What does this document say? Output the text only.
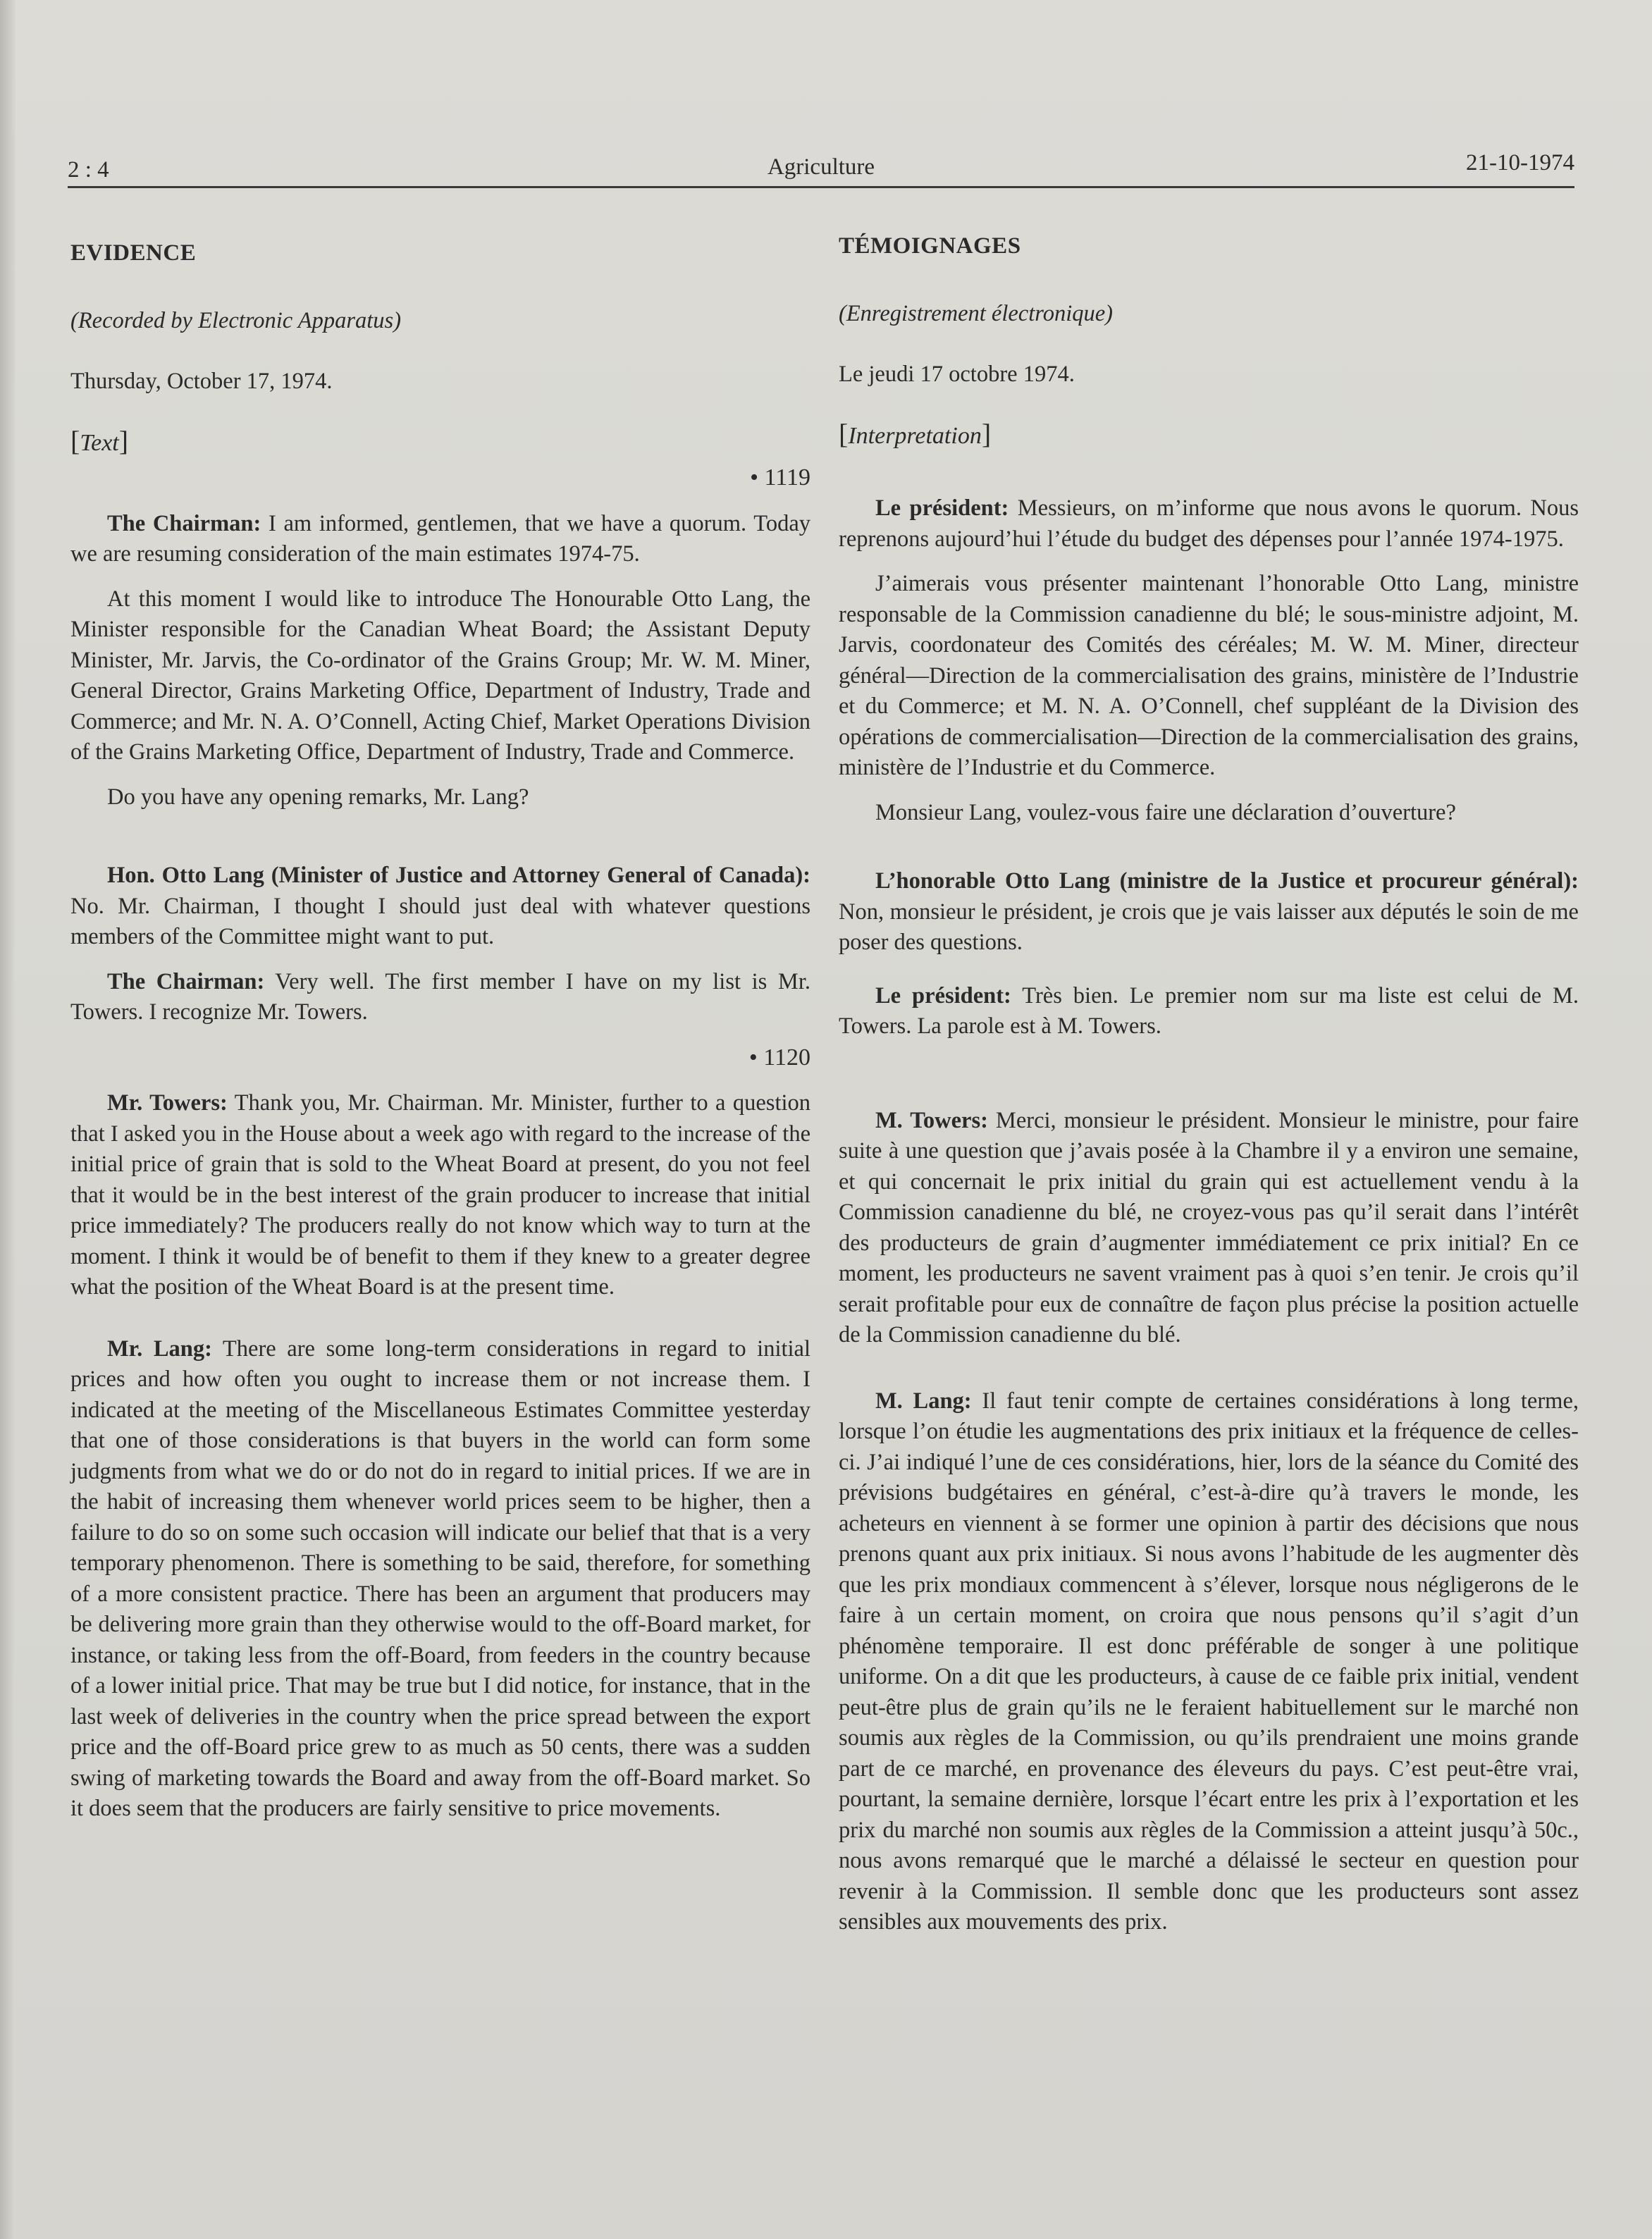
2 : 4	Agriculture	21-10-1974
EVIDENCE
(Recorded by Electronic Apparatus)
Thursday, October 17, 1974.
[Text]
• 1119

The Chairman: I am informed, gentlemen, that we have a quorum. Today we are resuming consideration of the main estimates 1974-75.

At this moment I would like to introduce The Honourable Otto Lang, the Minister responsible for the Canadian Wheat Board; the Assistant Deputy Minister, Mr. Jarvis, the Co-ordinator of the Grains Group; Mr. W. M. Miner, General Director, Grains Marketing Office, Department of Industry, Trade and Commerce; and Mr. N. A. O’Connell, Acting Chief, Market Operations Division of the Grains Marketing Office, Department of Industry, Trade and Commerce.

Do you have any opening remarks, Mr. Lang?

Hon. Otto Lang (Minister of Justice and Attorney General of Canada): No. Mr. Chairman, I thought I should just deal with whatever questions members of the Committee might want to put.

The Chairman: Very well. The first member I have on my list is Mr. Towers. I recognize Mr. Towers.

• 1120

Mr. Towers: Thank you, Mr. Chairman. Mr. Minister, further to a question that I asked you in the House about a week ago with regard to the increase of the initial price of grain that is sold to the Wheat Board at present, do you not feel that it would be in the best interest of the grain producer to increase that initial price immediately? The producers really do not know which way to turn at the moment. I think it would be of benefit to them if they knew to a greater degree what the position of the Wheat Board is at the present time.

Mr. Lang: There are some long-term considerations in regard to initial prices and how often you ought to increase them or not increase them. I indicated at the meeting of the Miscellaneous Estimates Committee yesterday that one of those considerations is that buyers in the world can form some judgments from what we do or do not do in regard to initial prices. If we are in the habit of increasing them whenever world prices seem to be higher, then a failure to do so on some such occasion will indicate our belief that that is a very temporary phenomenon. There is something to be said, therefore, for something of a more consistent practice. There has been an argument that producers may be delivering more grain than they otherwise would to the off-Board market, for instance, or taking less from the off-Board, from feeders in the country because of a lower initial price. That may be true but I did notice, for instance, that in the last week of deliveries in the country when the price spread between the export price and the off-Board price grew to as much as 50 cents, there was a sudden swing of marketing towards the Board and away from the off-Board market. So it does seem that the producers are fairly sensitive to price movements.

TÉMOIGNAGES
(Enregistrement électronique)
Le jeudi 17 octobre 1974.
[Interpretation]

Le président: Messieurs, on m’informe que nous avons le quorum. Nous reprenons aujourd’hui l’étude du budget des dépenses pour l’année 1974-1975.

J’aimerais vous présenter maintenant l’honorable Otto Lang, ministre responsable de la Commission canadienne du blé; le sous-ministre adjoint, M. Jarvis, coordonateur des Comités des céréales; M. W. M. Miner, directeur général—Direction de la commercialisation des grains, ministère de l’Industrie et du Commerce; et M. N. A. O’Connell, chef suppléant de la Division des opérations de commercialisation—Direction de la commercialisation des grains, ministère de l’Industrie et du Commerce.

Monsieur Lang, voulez-vous faire une déclaration d’ouverture?

L’honorable Otto Lang (ministre de la Justice et procureur général): Non, monsieur le président, je crois que je vais laisser aux députés le soin de me poser des questions.

Le président: Très bien. Le premier nom sur ma liste est celui de M. Towers. La parole est à M. Towers.

M. Towers: Merci, monsieur le président. Monsieur le ministre, pour faire suite à une question que j’avais posée à la Chambre il y a environ une semaine, et qui concernait le prix initial du grain qui est actuellement vendu à la Commission canadienne du blé, ne croyez-vous pas qu’il serait dans l’intérêt des producteurs de grain d’augmenter immédiatement ce prix initial? En ce moment, les producteurs ne savent vraiment pas à quoi s’en tenir. Je crois qu’il serait profitable pour eux de connaître de façon plus précise la position actuelle de la Commission canadienne du blé.

M. Lang: Il faut tenir compte de certaines considérations à long terme, lorsque l’on étudie les augmentations des prix initiaux et la fréquence de celles-ci. J’ai indiqué l’une de ces considérations, hier, lors de la séance du Comité des prévisions budgétaires en général, c’est-à-dire qu’à travers le monde, les acheteurs en viennent à se former une opinion à partir des décisions que nous prenons quant aux prix initiaux. Si nous avons l’habitude de les augmenter dès que les prix mondiaux commencent à s’élever, lorsque nous négligerons de le faire à un certain moment, on croira que nous pensons qu’il s’agit d’un phénomène temporaire. Il est donc préférable de songer à une politique uniforme. On a dit que les producteurs, à cause de ce faible prix initial, vendent peut-être plus de grain qu’ils ne le feraient habituellement sur le marché non soumis aux règles de la Commission, ou qu’ils prendraient une moins grande part de ce marché, en provenance des éleveurs du pays. C’est peut-être vrai, pourtant, la semaine dernière, lorsque l’écart entre les prix à l’exportation et les prix du marché non soumis aux règles de la Commission a atteint jusqu’à 50c., nous avons remarqué que le marché a délaissé le secteur en question pour revenir à la Commission. Il semble donc que les producteurs sont assez sensibles aux mouvements des prix.
